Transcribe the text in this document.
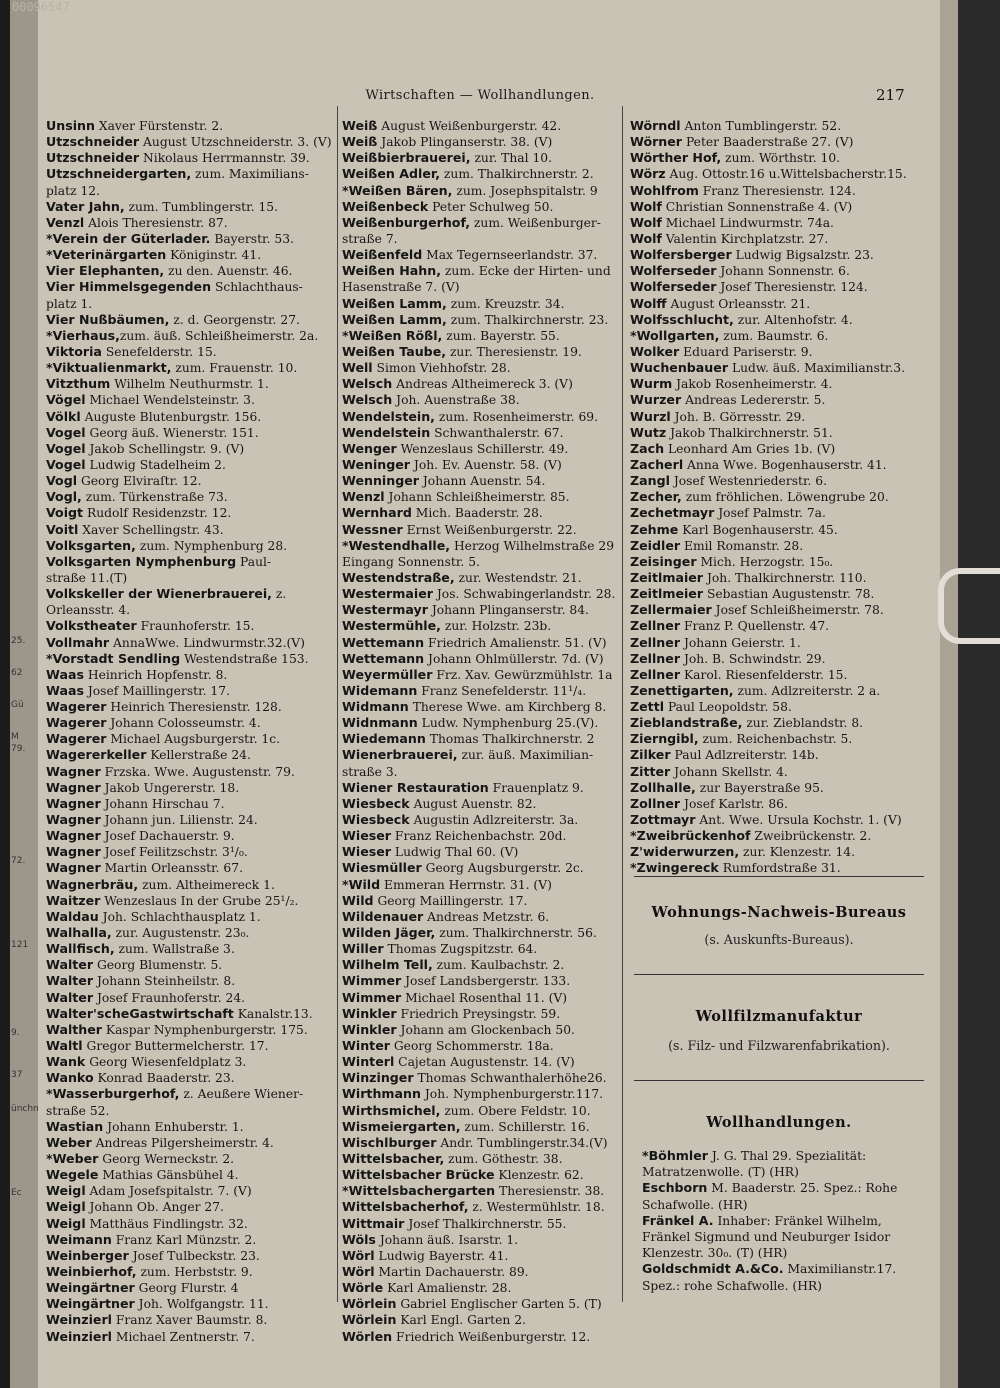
00096547
Wirtschaften — Wollhandlungen.	217
Unsinn Xaver Fürstenstr. 2.
Utzschneider August Utzschneiderstr. 3. (V)
Utzschneider Nikolaus Herrmannstr. 39.
Utzschneidergarten, zum. Maximilians-
platz 12.
Vater Jahn, zum. Tumblingerstr. 15.
Venzl Alois Theresienstr. 87.
*Verein der Güterlader. Bayerstr. 53.
*Veterinärgarten Königinstr. 41.
Vier Elephanten, zu den. Auenstr. 46.
Vier Himmelsgegenden Schlachthaus-
platz 1.
Vier Nußbäumen, z. d. Georgenstr. 27.
*Vierhaus,zum. äuß. Schleißheimerstr. 2a.
Viktoria Senefelderstr. 15.
*Viktualienmarkt, zum. Frauenstr. 10.
Vitzthum Wilhelm Neuthurmstr. 1.
Vögel Michael Wendelsteinstr. 3.
Völkl Auguste Blutenburgstr. 156.
Vogel Georg äuß. Wienerstr. 151.
Vogel Jakob Schellingstr. 9. (V)
Vogel Ludwig Stadelheim 2.
Vogl Georg Elviraſtr. 12.
Vogl, zum. Türkenstraße 73.
Voigt Rudolf Residenzstr. 12.
Voitl Xaver Schellingstr. 43.
Volksgarten, zum. Nymphenburg 28.
Volksgarten Nymphenburg Paul-
straße 11.(T)
Volkskeller der Wienerbrauerei, z.
Orleansstr. 4.
Volkstheater Fraunhoferstr. 15.
Vollmahr AnnaWwe. Lindwurmstr.32.(V)
*Vorstadt Sendling Westendstraße 153.
Waas Heinrich Hopfenstr. 8.
Waas Josef Maillingerstr. 17.
Wagerer Heinrich Theresienstr. 128.
Wagerer Johann Colosseumstr. 4.
Wagerer Michael Augsburgerstr. 1c.
Wagererkeller Kellerstraße 24.
Wagner Frzska. Wwe. Augustenstr. 79.
Wagner Jakob Ungererstr. 18.
Wagner Johann Hirschau 7.
Wagner Johann jun. Lilienstr. 24.
Wagner Josef Dachauerstr. 9.
Wagner Josef Feilitzschstr. 3¹/₀.
Wagner Martin Orleansstr. 67.
Wagnerbräu, zum. Altheimereck 1.
Waitzer Wenzeslaus In der Grube 25¹/₂.
Waldau Joh. Schlachthausplatz 1.
Walhalla, zur. Augustenstr. 23₀.
Wallfisch, zum. Wallstraße 3.
Walter Georg Blumenstr. 5.
Walter Johann Steinheilstr. 8.
Walter Josef Fraunhoferstr. 24.
Walter'scheGastwirtschaft Kanalstr.13.
Walther Kaspar Nymphenburgerstr. 175.
Waltl Gregor Buttermelcherstr. 17.
Wank Georg Wiesenfeldplatz 3.
Wanko Konrad Baaderstr. 23.
*Wasserburgerhof, z. Aeußere Wiener-
straße 52.
Wastian Johann Enhuberstr. 1.
Weber Andreas Pilgersheimerstr. 4.
*Weber Georg Werneckstr. 2.
Wegele Mathias Gänsbühel 4.
Weigl Adam Josefspitalstr. 7. (V)
Weigl Johann Ob. Anger 27.
Weigl Matthäus Findlingstr. 32.
Weimann Franz Karl Münzstr. 2.
Weinberger Josef Tulbeckstr. 23.
Weinbierhof, zum. Herbststr. 9.
Weingärtner Georg Flurstr. 4
Weingärtner Joh. Wolfgangstr. 11.
Weinzierl Franz Xaver Baumstr. 8.
Weinzierl Michael Zentnerstr. 7.
Weiß August Weißenburgerstr. 42.
Weiß Jakob Plinganserstr. 38. (V)
Weißbierbrauerei, zur. Thal 10.
Weißen Adler, zum. Thalkirchnerstr. 2.
*Weißen Bären, zum. Josephspitalstr. 9
Weißenbeck Peter Schulweg 50.
Weißenburgerhof, zum. Weißenburger-
straße 7.
Weißenfeld Max Tegernseerlandstr. 37.
Weißen Hahn, zum. Ecke der Hirten- und
Hasenstraße 7. (V)
Weißen Lamm, zum. Kreuzstr. 34.
Weißen Lamm, zum. Thalkirchnerstr. 23.
*Weißen Rößl, zum. Bayerstr. 55.
Weißen Taube, zur. Theresienstr. 19.
Well Simon Viehhofstr. 28.
Welsch Andreas Altheimereck 3. (V)
Welsch Joh. Auenstraße 38.
Wendelstein, zum. Rosenheimerstr. 69.
Wendelstein Schwanthalerstr. 67.
Wenger Wenzeslaus Schillerstr. 49.
Weninger Joh. Ev. Auenstr. 58. (V)
Wenninger Johann Auenstr. 54.
Wenzl Johann Schleißheimerstr. 85.
Wernhard Mich. Baaderstr. 28.
Wessner Ernst Weißenburgerstr. 22.
*Westendhalle, Herzog Wilhelmstraße 29
Eingang Sonnenstr. 5.
Westendstraße, zur. Westendstr. 21.
Westermaier Jos. Schwabingerlandstr. 28.
Westermayr Johann Plinganserstr. 84.
Westermühle, zur. Holzstr. 23b.
Wettemann Friedrich Amalienstr. 51. (V)
Wettemann Johann Ohlmüllerstr. 7d. (V)
Weyermüller Frz. Xav. Gewürzmühlstr. 1a
Widemann Franz Senefelderstr. 11¹/₄.
Widmann Therese Wwe. am Kirchberg 8.
Widnmann Ludw. Nymphenburg 25.(V).
Wiedemann Thomas Thalkirchnerstr. 2
Wienerbrauerei, zur. äuß. Maximilian-
straße 3.
Wiener Restauration Frauenplatz 9.
Wiesbeck August Auenstr. 82.
Wiesbeck Augustin Adlzreiterstr. 3a.
Wieser Franz Reichenbachstr. 20d.
Wieser Ludwig Thal 60. (V)
Wiesmüller Georg Augsburgerstr. 2c.
*Wild Emmeran Herrnstr. 31. (V)
Wild Georg Maillingerstr. 17.
Wildenauer Andreas Metzstr. 6.
Wilden Jäger, zum. Thalkirchnerstr. 56.
Willer Thomas Zugspitzstr. 64.
Wilhelm Tell, zum. Kaulbachstr. 2.
Wimmer Josef Landsbergerstr. 133.
Wimmer Michael Rosenthal 11. (V)
Winkler Friedrich Preysingstr. 59.
Winkler Johann am Glockenbach 50.
Winter Georg Schommerstr. 18a.
Winterl Cajetan Augustenstr. 14. (V)
Winzinger Thomas Schwanthalerhöhe26.
Wirthmann Joh. Nymphenburgerstr.117.
Wirthsmichel, zum. Obere Feldstr. 10.
Wismeiergarten, zum. Schillerstr. 16.
Wischlburger Andr. Tumblingerstr.34.(V)
Wittelsbacher, zum. Göthestr. 38.
Wittelsbacher Brücke Klenzestr. 62.
*Wittelsbachergarten Theresienstr. 38.
Wittelsbacherhof, z. Westermühlstr. 18.
Wittmair Josef Thalkirchnerstr. 55.
Wöls Johann äuß. Isarstr. 1.
Wörl Ludwig Bayerstr. 41.
Wörl Martin Dachauerstr. 89.
Wörle Karl Amalienstr. 28.
Wörlein Gabriel Englischer Garten 5. (T)
Wörlein Karl Engl. Garten 2.
Wörlen Friedrich Weißenburgerstr. 12.
Wörndl Anton Tumblingerstr. 52.
Wörner Peter Baaderstraße 27. (V)
Wörther Hof, zum. Wörthstr. 10.
Wörz Aug. Ottostr.16 u.Wittelsbacherstr.15.
Wohlfrom Franz Theresienstr. 124.
Wolf Christian Sonnenstraße 4. (V)
Wolf Michael Lindwurmstr. 74a.
Wolf Valentin Kirchplatzstr. 27.
Wolfersberger Ludwig Bigsalzstr. 23.
Wolferseder Johann Sonnenstr. 6.
Wolferseder Josef Theresienstr. 124.
Wolff August Orleansstr. 21.
Wolfsschlucht, zur. Altenhofstr. 4.
*Wollgarten, zum. Baumstr. 6.
Wolker Eduard Pariserstr. 9.
Wuchenbauer Ludw. äuß. Maximilianstr.3.
Wurm Jakob Rosenheimerstr. 4.
Wurzer Andreas Ledererstr. 5.
Wurzl Joh. B. Görresstr. 29.
Wutz Jakob Thalkirchnerstr. 51.
Zach Leonhard Am Gries 1b. (V)
Zacherl Anna Wwe. Bogenhauserstr. 41.
Zangl Josef Westenriederstr. 6.
Zecher, zum fröhlichen. Löwengrube 20.
Zechetmayr Josef Palmstr. 7a.
Zehme Karl Bogenhauserstr. 45.
Zeidler Emil Romanstr. 28.
Zeisinger Mich. Herzogstr. 15₀.
Zeitlmaier Joh. Thalkirchnerstr. 110.
Zeitlmeier Sebastian Augustenstr. 78.
Zellermaier Josef Schleißheimerstr. 78.
Zellner Franz P. Quellenstr. 47.
Zellner Johann Geierstr. 1.
Zellner Joh. B. Schwindstr. 29.
Zellner Karol. Riesenfelderstr. 15.
Zenettigarten, zum. Adlzreiterstr. 2 a.
Zettl Paul Leopoldstr. 58.
Zieblandstraße, zur. Zieblandstr. 8.
Zierngibl, zum. Reichenbachstr. 5.
Zilker Paul Adlzreiterstr. 14b.
Zitter Johann Skellstr. 4.
Zollhalle, zur Bayerstraße 95.
Zollner Josef Karlstr. 86.
Zottmayr Ant. Wwe. Ursula Kochstr. 1. (V)
*Zweibrückenhof Zweibrückenstr. 2.
Z'widerwurzen, zur. Klenzestr. 14.
*Zwingereck Rumfordstraße 31.
Wohnungs-Nachweis-Bureaus
(s. Auskunfts-Bureaus).
Wollfilzmanufaktur
(s. Filz- und Filzwarenfabrikation).
Wollhandlungen.
*Böhmler J. G. Thal 29. Spezialität:
Matratzenwolle. (T) (HR)
Eschborn M. Baaderstr. 25. Spez.: Rohe
Schafwolle. (HR)
Fränkel A. Inhaber: Fränkel Wilhelm,
Fränkel Sigmund und Neuburger Isidor
Klenzestr. 30₀. (T) (HR)
Goldschmidt A.&Co. Maximilianstr.17.
Spez.: rohe Schafwolle. (HR)
25.
62
Gü
M
79.
72.
121
9.
37
ünchn
Ec
